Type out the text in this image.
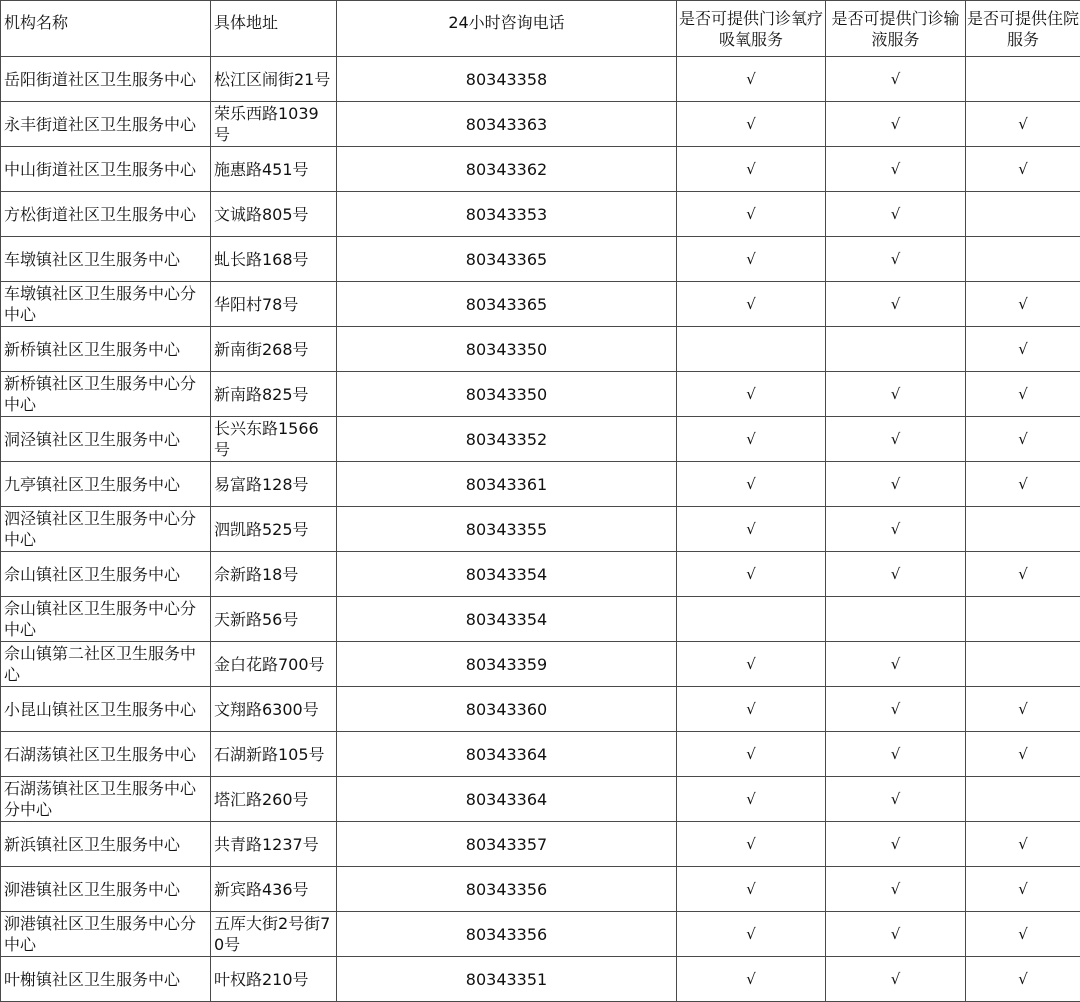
机构名称	具体地址	24小时咨询电话	是否可提供门诊氧疗吸氧服务	是否可提供门诊输液服务	是否可提供住院服务
岳阳街道社区卫生服务中心	松江区闹街21号	80343358	√	√	
永丰街道社区卫生服务中心	荣乐西路1039号	80343363	√	√	√
中山街道社区卫生服务中心	施惠路451号	80343362	√	√	√
方松街道社区卫生服务中心	文诚路805号	80343353	√	√	
车墩镇社区卫生服务中心	虬长路168号	80343365	√	√	
车墩镇社区卫生服务中心分中心	华阳村78号	80343365	√	√	√
新桥镇社区卫生服务中心	新南街268号	80343350			√
新桥镇社区卫生服务中心分中心	新南路825号	80343350	√	√	√
洞泾镇社区卫生服务中心	长兴东路1566号	80343352	√	√	√
九亭镇社区卫生服务中心	易富路128号	80343361	√	√	√
泗泾镇社区卫生服务中心分中心	泗凯路525号	80343355	√	√	
佘山镇社区卫生服务中心	佘新路18号	80343354	√	√	√
佘山镇社区卫生服务中心分中心	天新路56号	80343354			
佘山镇第二社区卫生服务中心	金白花路700号	80343359	√	√	
小昆山镇社区卫生服务中心	文翔路6300号	80343360	√	√	√
石湖荡镇社区卫生服务中心	石湖新路105号	80343364	√	√	√
石湖荡镇社区卫生服务中心分中心	塔汇路260号	80343364	√	√	
新浜镇社区卫生服务中心	共青路1237号	80343357	√	√	√
泖港镇社区卫生服务中心	新宾路436号	80343356	√	√	√
泖港镇社区卫生服务中心分中心	五厍大街2号街70号	80343356	√	√	√
叶榭镇社区卫生服务中心	叶权路210号	80343351	√	√	√
